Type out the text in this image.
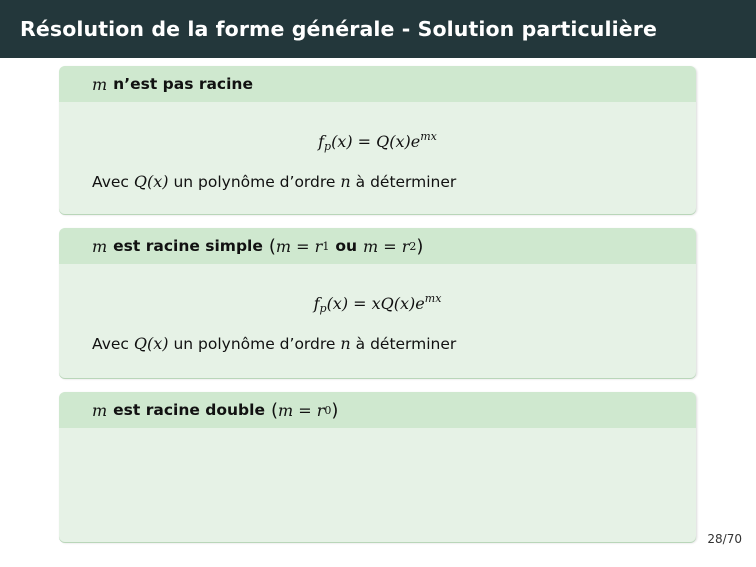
Résolution de la forme générale - Solution particulière
m n’est pas racine
$f_p(x) = Q(x)e^{mx}$
Avec Q(x) un polynôme d’ordre n à déterminer
m est racine simple ( m = r 1 ou m = r 2 )
$f_p(x) = xQ(x)e^{mx}$
Avec Q(x) un polynôme d’ordre n à déterminer
m est racine double ( m = r 0 )
28/70
